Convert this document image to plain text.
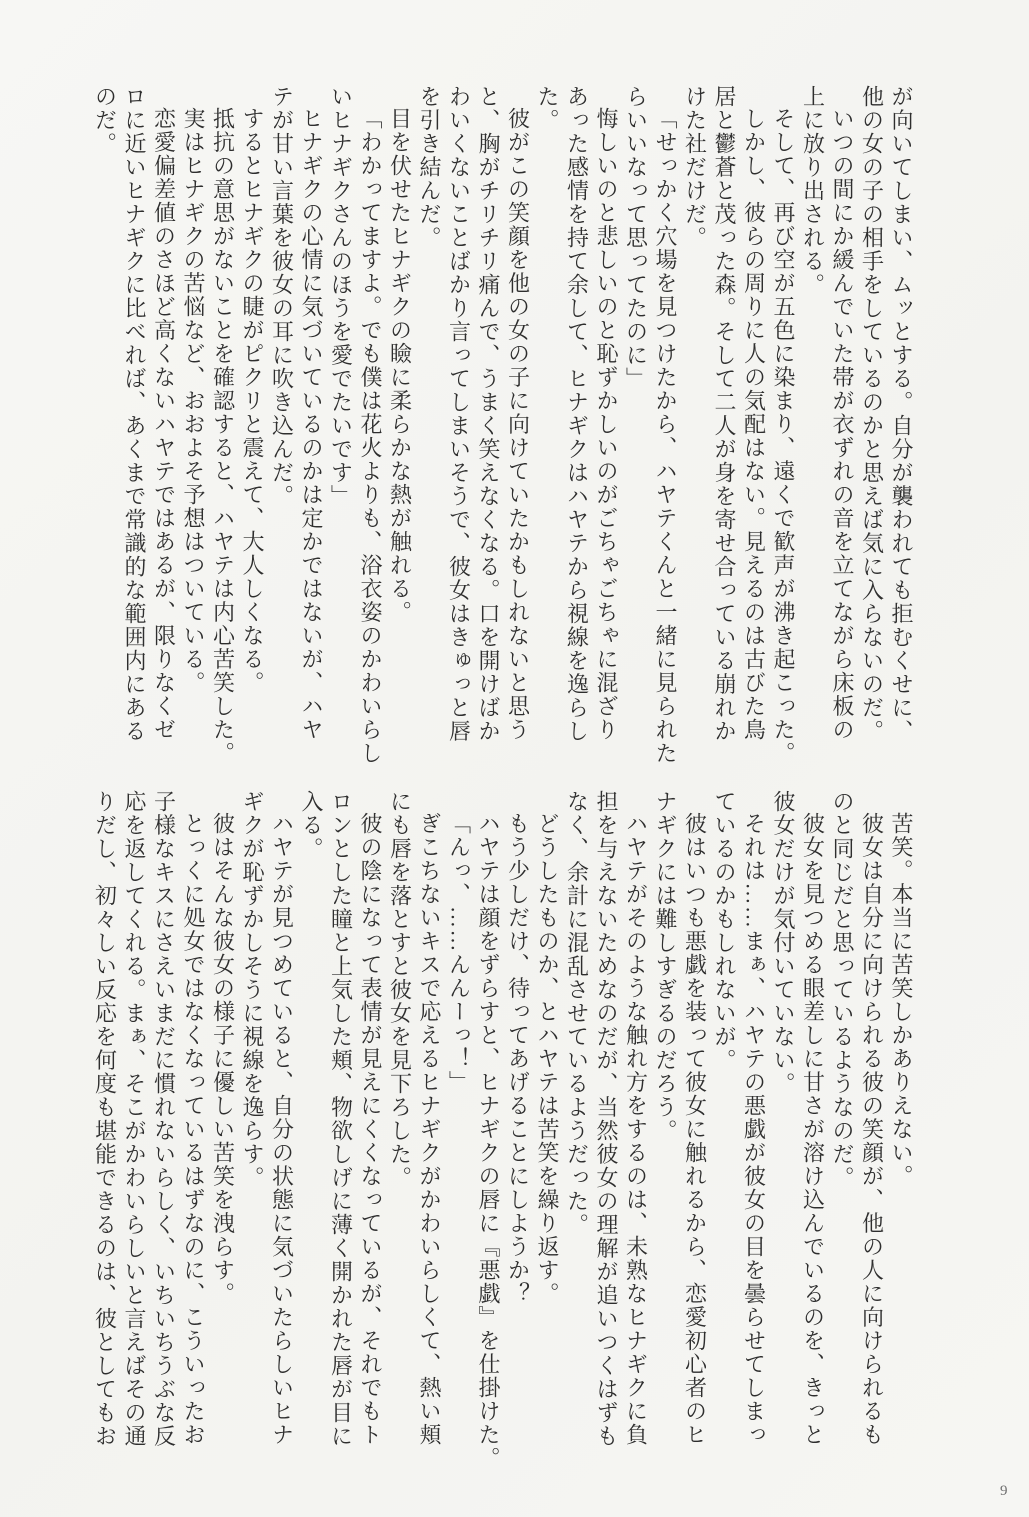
が向いてしまい、ムッとする。自分が襲われても拒むくせに、
他の女の子の相手をしているのかと思えば気に入らないのだ。
いつの間にか緩んでいた帯が衣ずれの音を立てながら床板の
上に放り出される。
そして、再び空が五色に染まり、遠くで歓声が沸き起こった。
しかし、彼らの周りに人の気配はない。見えるのは古びた鳥
居と鬱蒼と茂った森。そして二人が身を寄せ合っている崩れか
けた社だけだ。
「せっかく穴場を見つけたから、ハヤテくんと一緒に見られた
らいいなって思ってたのに」
悔しいのと悲しいのと恥ずかしいのがごちゃごちゃに混ざり
あった感情を持て余して、ヒナギクはハヤテから視線を逸らし
た。
彼がこの笑顔を他の女の子に向けていたかもしれないと思う
と、胸がチリチリ痛んで、うまく笑えなくなる。口を開けばか
わいくないことばかり言ってしまいそうで、彼女はきゅっと唇
を引き結んだ。
目を伏せたヒナギクの瞼に柔らかな熱が触れる。
「わかってますよ。でも僕は花火よりも、浴衣姿のかわいらし
いヒナギクさんのほうを愛でたいです」
ヒナギクの心情に気づいているのかは定かではないが、ハヤ
テが甘い言葉を彼女の耳に吹き込んだ。
するとヒナギクの睫がピクリと震えて、大人しくなる。
抵抗の意思がないことを確認すると、ハヤテは内心苦笑した。
実はヒナギクの苦悩など、おおよそ予想はついている。
恋愛偏差値のさほど高くないハヤテではあるが、限りなくゼ
ロに近いヒナギクに比べれば、あくまで常識的な範囲内にある
のだ。
苦笑。本当に苦笑しかありえない。
彼女は自分に向けられる彼の笑顔が、他の人に向けられるも
のと同じだと思っているようなのだ。
彼女を見つめる眼差しに甘さが溶け込んでいるのを、きっと
彼女だけが気付いていない。
それは……まぁ、ハヤテの悪戯が彼女の目を曇らせてしまっ
ているのかもしれないが。
彼はいつも悪戯を装って彼女に触れるから、恋愛初心者のヒ
ナギクには難しすぎるのだろう。
ハヤテがそのような触れ方をするのは、未熟なヒナギクに負
担を与えないためなのだが、当然彼女の理解が追いつくはずも
なく、余計に混乱させているようだった。
どうしたものか、とハヤテは苦笑を繰り返す。
もう少しだけ、待ってあげることにしようか？
ハヤテは顔をずらすと、ヒナギクの唇に『悪戯』を仕掛けた。
「んっ、……んんーっ！」
ぎこちないキスで応えるヒナギクがかわいらしくて、熱い頬
にも唇を落とすと彼女を見下ろした。
彼の陰になって表情が見えにくくなっているが、それでもト
ロンとした瞳と上気した頬、物欲しげに薄く開かれた唇が目に
入る。
ハヤテが見つめていると、自分の状態に気づいたらしいヒナ
ギクが恥ずかしそうに視線を逸らす。
彼はそんな彼女の様子に優しい苦笑を洩らす。
とっくに処女ではなくなっているはずなのに、こういったお
子様なキスにさえいまだに慣れないらしく、いちいちうぶな反
応を返してくれる。まぁ、そこがかわいらしいと言えばその通
りだし、初々しい反応を何度も堪能できるのは、彼としてもお
9
